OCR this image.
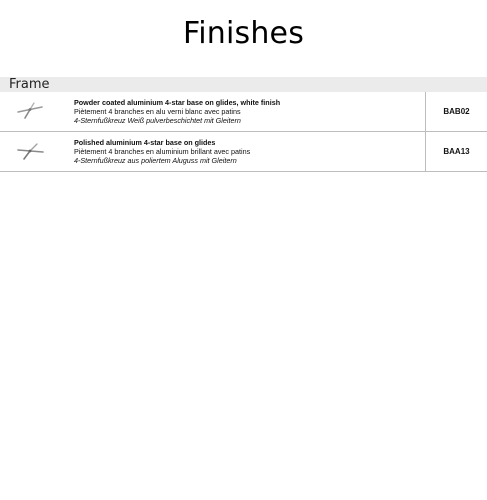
Finishes
Frame
Powder coated aluminium 4-star base on glides, white finish
Piètement 4 branches en alu verni blanc avec patins
4-Sternfußkreuz Weiß pulverbeschichtet mit Gleitern
BAB02
Polished aluminium 4-star base on glides
Piètement 4 branches en aluminium brillant avec patins
4-Sternfußkreuz aus poliertem Aluguss mit Gleitern
BAA13
